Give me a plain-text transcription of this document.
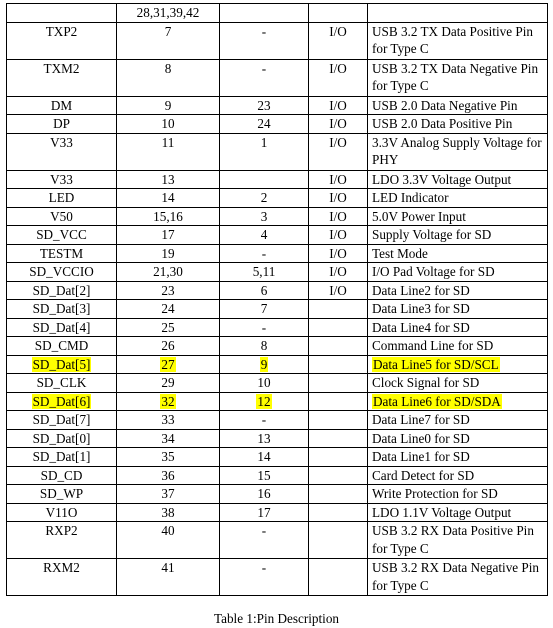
	28,31,39,42			
TXP2	7	-	I/O	USB 3.2 TX Data Positive Pin for Type C
TXM2	8	-	I/O	USB 3.2 TX Data Negative Pin for Type C
DM	9	23	I/O	USB 2.0 Data Negative Pin
DP	10	24	I/O	USB 2.0 Data Positive Pin
V33	11	1	I/O	3.3V Analog Supply Voltage for PHY
V33	13		I/O	LDO 3.3V Voltage Output
LED	14	2	I/O	LED Indicator
V50	15,16	3	I/O	5.0V Power Input
SD_VCC	17	4	I/O	Supply Voltage for SD
TESTM	19	-	I/O	Test Mode
SD_VCCIO	21,30	5,11	I/O	I/O Pad Voltage for SD
SD_Dat[2]	23	6	I/O	Data Line2 for SD
SD_Dat[3]	24	7		Data Line3 for SD
SD_Dat[4]	25	-		Data Line4 for SD
SD_CMD	26	8		Command Line for SD
SD_Dat[5]	27	9		Data Line5 for SD/SCL
SD_CLK	29	10		Clock Signal for SD
SD_Dat[6]	32	12		Data Line6 for SD/SDA
SD_Dat[7]	33	-		Data Line7 for SD
SD_Dat[0]	34	13		Data Line0 for SD
SD_Dat[1]	35	14		Data Line1 for SD
SD_CD	36	15		Card Detect for SD
SD_WP	37	16		Write Protection for SD
V11O	38	17		LDO 1.1V Voltage Output
RXP2	40	-		USB 3.2 RX Data Positive Pin for Type C
RXM2	41	-		USB 3.2 RX Data Negative Pin for Type C
Table 1:Pin Description
